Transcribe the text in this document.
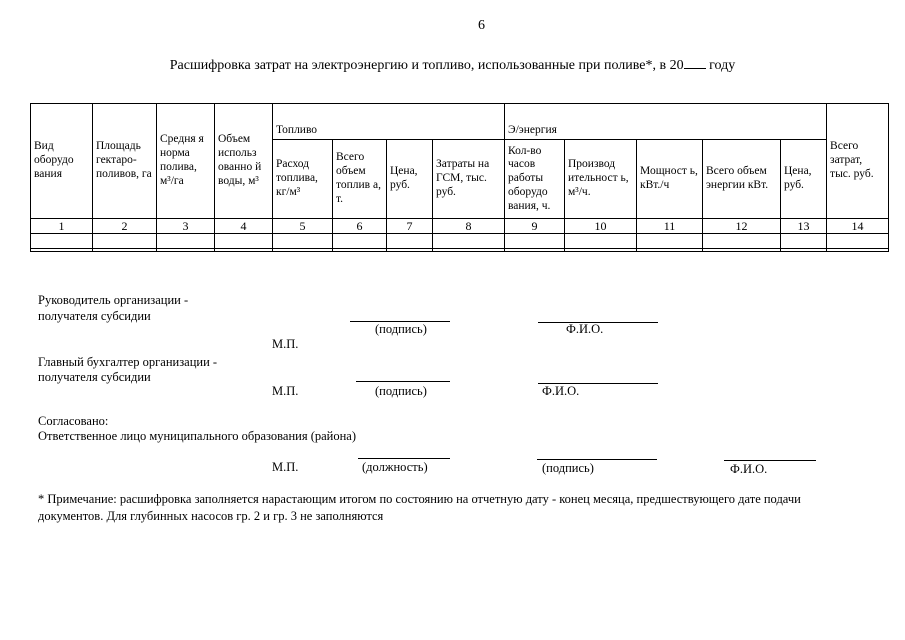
6
Расшифровка затрат на электроэнергию и топливо, использованные при поливе*, в 20 году
Вид оборудо вания	Площадь гектаро-поливов, га	Средня я норма полива, м³/га	Объем использ ованно й воды, м³	Топливо				Э/энергия					Всего затрат, тыс. руб.
				Расход топлива, кг/м³	Всего объем топлив а, т.	Цена, руб.	Затраты на ГСМ, тыс. руб.	Кол-во часов работы оборудо вания, ч.	Производ ительност ь, м³/ч.	Мощност ь, кВт./ч	Всего объем энергии кВт.	Цена, руб.	
1	2	3	4	5	6	7	8	9	10	11	12	13	14

Руководитель организации -
получателя субсидии
(подпись)	Ф.И.О.
М.П.
Главный бухгалтер организации -
получателя субсидии
М.П.	(подпись)	Ф.И.О.
Согласовано:
Ответственное лицо муниципального образования (района)
М.П.	(должность)	(подпись)	Ф.И.О.
* Примечание: расшифровка заполняется нарастающим итогом по состоянию на отчетную дату - конец месяца, предшествующего дате подачи документов. Для глубинных насосов гр. 2 и гр. 3 не заполняются
